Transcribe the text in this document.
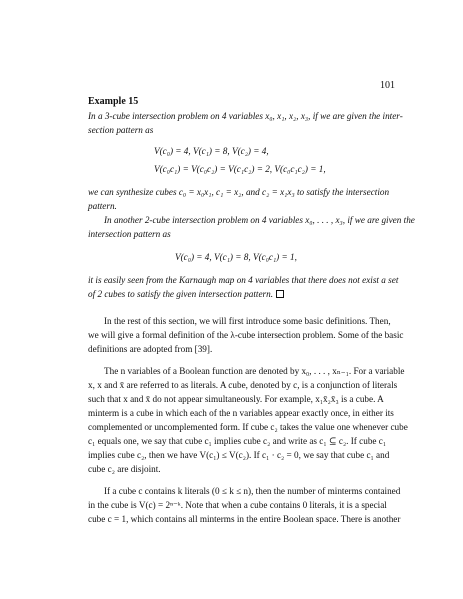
101
Example 15
In a 3-cube intersection problem on 4 variables x₀, x₁, x₂, x₃, if we are given the inter-
section pattern as
V(c₀) = 4, V(c₁) = 8, V(c₂) = 4,
V(c₀c₁) = V(c₀c₂) = V(c₁c₂) = 2, V(c₀c₁c₂) = 1,
we can synthesize cubes c₀ = x₀x₁, c₁ = x₂, and c₂ = x₁x₃ to satisfy the intersection
pattern.
In another 2-cube intersection problem on 4 variables x₀, . . . , x₃, if we are given the
intersection pattern as
V(c₀) = 4, V(c₁) = 8, V(c₀c₁) = 1,
it is easily seen from the Karnaugh map on 4 variables that there does not exist a set
of 2 cubes to satisfy the given intersection pattern.
In the rest of this section, we will first introduce some basic definitions. Then,
we will give a formal definition of the λ-cube intersection problem. Some of the basic
definitions are adopted from [39].
The n variables of a Boolean function are denoted by x₀, . . . , xₙ₋₁. For a variable
x, x and x̄ are referred to as literals. A cube, denoted by c, is a conjunction of literals
such that x and x̄ do not appear simultaneously. For example, x₁x̄₂x̄₃ is a cube. A
minterm is a cube in which each of the n variables appear exactly once, in either its
complemented or uncomplemented form. If cube c₂ takes the value one whenever cube
c₁ equals one, we say that cube c₁ implies cube c₂ and write as c₁ ⊆ c₂. If cube c₁
implies cube c₂, then we have V(c₁) ≤ V(c₂). If c₁ · c₂ = 0, we say that cube c₁ and
cube c₂ are disjoint.
If a cube c contains k literals (0 ≤ k ≤ n), then the number of minterms contained
in the cube is V(c) = 2ⁿ⁻ᵏ. Note that when a cube contains 0 literals, it is a special
cube c = 1, which contains all minterms in the entire Boolean space. There is another
